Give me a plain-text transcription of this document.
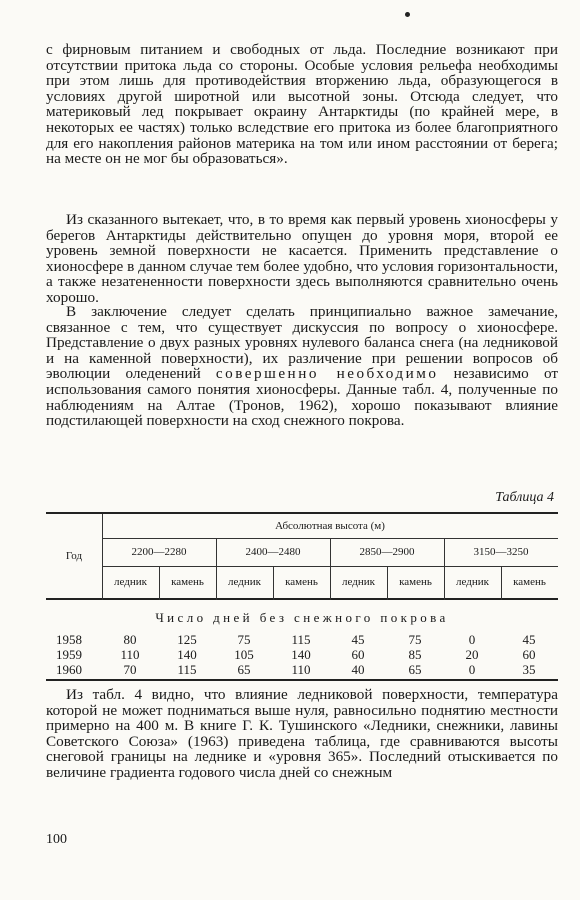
с фирновым питанием и свободных от льда. Последние возникают при отсутствии притока льда со стороны. Особые условия рельефа необходимы при этом лишь для противодействия вторжению льда, образующегося в условиях другой широтной или высотной зоны. Отсюда следует, что материковый лед покрывает окраину Антарктиды (по крайней мере, в некоторых ее частях) только вследствие его притока из более благоприятного для его накопления районов материка на том или ином расстоянии от берега; на месте он не мог бы образоваться».

Из сказанного вытекает, что, в то время как первый уровень хионосферы у берегов Антарктиды действительно опущен до уровня моря, второй ее уровень земной поверхности не касается. Применить представление о хионосфере в данном случае тем более удобно, что условия горизонтальности, а также незатененности поверхности здесь выполняются сравнительно очень хорошо.

В заключение следует сделать принципиально важное замечание, связанное с тем, что существует дискуссия по вопросу о хионосфере. Представление о двух разных уровнях нулевого баланса снега (на ледниковой и на каменной поверхности), их различение при решении вопросов об эволюции оледенений совершенно необходимо независимо от использования самого понятия хионосферы. Данные табл. 4, полученные по наблюдениям на Алтае (Тронов, 1962), хорошо показывают влияние подстилающей поверхности на сход снежного покрова.

Таблица 4
Год
Абсолютная высота (м)
2200—2280	2400—2480	2850—2900	3150—3250
ледник	камень	ледник	камень	ледник	камень	ледник	камень
Число дней без снежного покрова
1958	80	125	75	115	45	75	0	45
1959	110	140	105	140	60	85	20	60
1960	70	115	65	110	40	65	0	35

Из табл. 4 видно, что влияние ледниковой поверхности, температура которой не может подниматься выше нуля, равносильно поднятию местности примерно на 400 м. В книге Г. К. Тушинского «Ледники, снежники, лавины Советского Союза» (1963) приведена таблица, где сравниваются высоты снеговой границы на леднике и «уровня 365». Последний отыскивается по величине градиента годового числа дней со снежным

100
